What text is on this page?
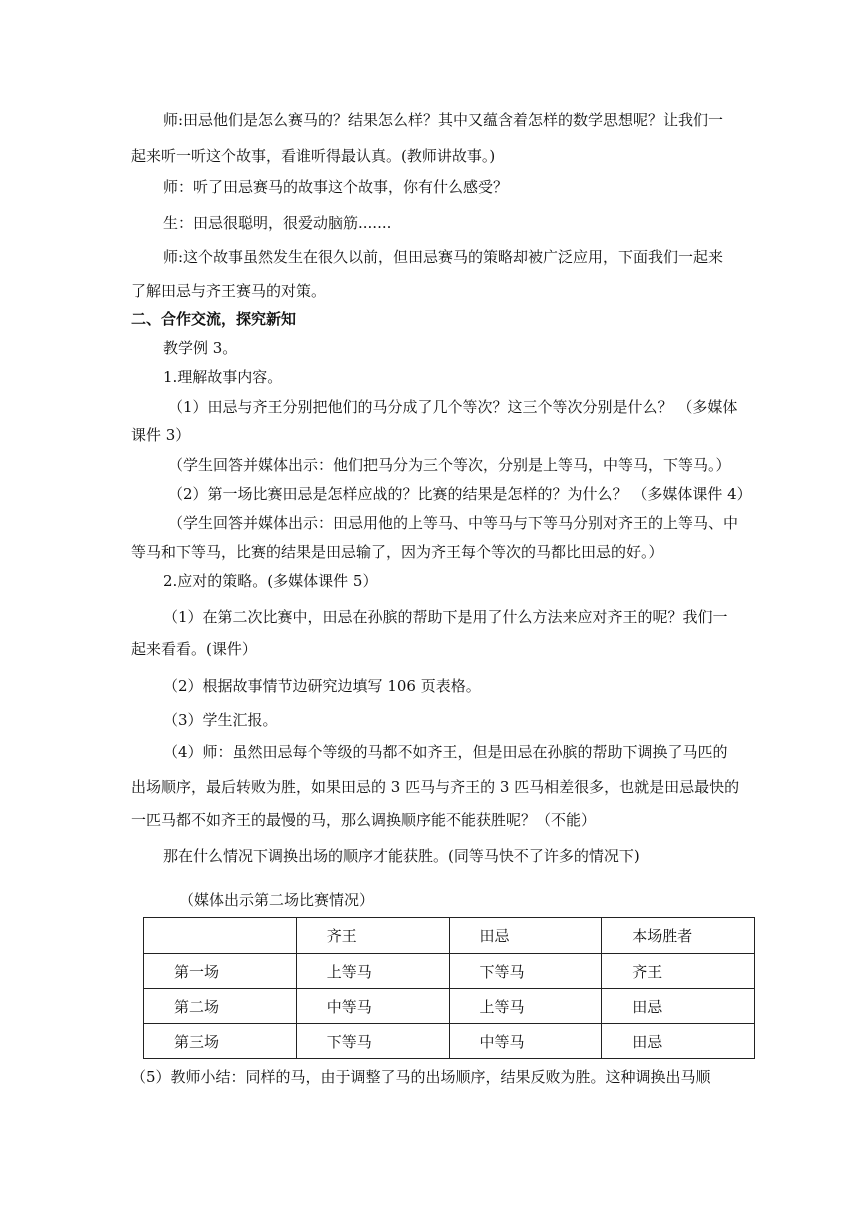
师:田忌他们是怎么赛马的？结果怎么样？其中又蕴含着怎样的数学思想呢？让我们一
起来听一听这个故事，看谁听得最认真。(教师讲故事。)
师：听了田忌赛马的故事这个故事，你有什么感受？
生：田忌很聪明，很爱动脑筋.......
师:这个故事虽然发生在很久以前，但田忌赛马的策略却被广泛应用，下面我们一起来
了解田忌与齐王赛马的对策。
二、合作交流，探究新知
教学例 3。
1.理解故事内容。
（1）田忌与齐王分别把他们的马分成了几个等次？这三个等次分别是什么？ （多媒体
课件 3）
（学生回答并媒体出示：他们把马分为三个等次，分别是上等马，中等马，下等马。）
（2）第一场比赛田忌是怎样应战的？比赛的结果是怎样的？为什么？ （多媒体课件 4）
（学生回答并媒体出示：田忌用他的上等马、中等马与下等马分别对齐王的上等马、中
等马和下等马，比赛的结果是田忌输了，因为齐王每个等次的马都比田忌的好。）
2.应对的策略。(多媒体课件 5）
（1）在第二次比赛中，田忌在孙膑的帮助下是用了什么方法来应对齐王的呢？我们一
起来看看。(课件）
（2）根据故事情节边研究边填写 106 页表格。
（3）学生汇报。
（4）师：虽然田忌每个等级的马都不如齐王，但是田忌在孙膑的帮助下调换了马匹的
出场顺序，最后转败为胜，如果田忌的 3 匹马与齐王的 3 匹马相差很多，也就是田忌最快的
一匹马都不如齐王的最慢的马，那么调换顺序能不能获胜呢？（不能）
那在什么情况下调换出场的顺序才能获胜。(同等马快不了许多的情况下)
（媒体出示第二场比赛情况）
	齐王	田忌	本场胜者
第一场	上等马	下等马	齐王
第二场	中等马	上等马	田忌
第三场	下等马	中等马	田忌
（5）教师小结：同样的马，由于调整了马的出场顺序，结果反败为胜。这种调换出马顺
